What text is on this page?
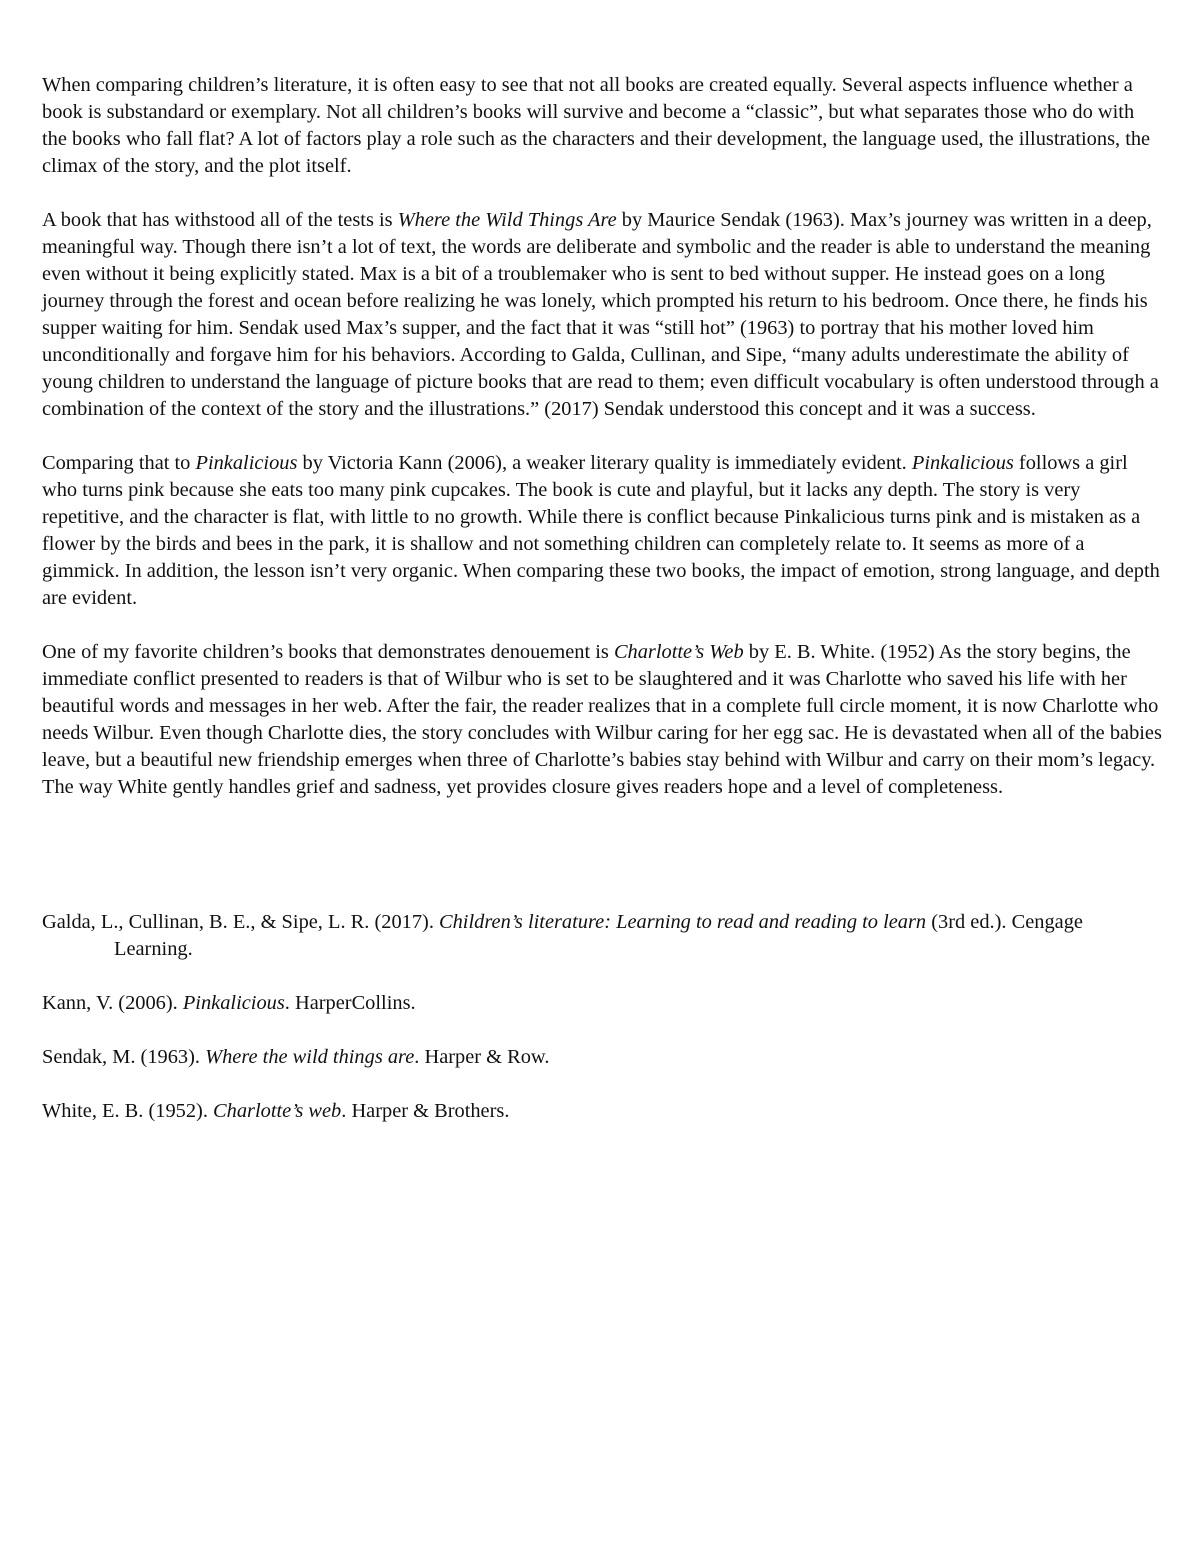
When comparing children’s literature, it is often easy to see that not all books are created equally. Several aspects influence whether a book is substandard or exemplary. Not all children’s books will survive and become a “classic”, but what separates those who do with the books who fall flat? A lot of factors play a role such as the characters and their development, the language used, the illustrations, the climax of the story, and the plot itself.

A book that has withstood all of the tests is Where the Wild Things Are by Maurice Sendak (1963). Max’s journey was written in a deep, meaningful way. Though there isn’t a lot of text, the words are deliberate and symbolic and the reader is able to understand the meaning even without it being explicitly stated. Max is a bit of a troublemaker who is sent to bed without supper. He instead goes on a long journey through the forest and ocean before realizing he was lonely, which prompted his return to his bedroom. Once there, he finds his supper waiting for him. Sendak used Max’s supper, and the fact that it was “still hot” (1963) to portray that his mother loved him unconditionally and forgave him for his behaviors. According to Galda, Cullinan, and Sipe, “many adults underestimate the ability of young children to understand the language of picture books that are read to them; even difficult vocabulary is often understood through a combination of the context of the story and the illustrations.” (2017) Sendak understood this concept and it was a success.

Comparing that to Pinkalicious by Victoria Kann (2006), a weaker literary quality is immediately evident. Pinkalicious follows a girl who turns pink because she eats too many pink cupcakes. The book is cute and playful, but it lacks any depth. The story is very repetitive, and the character is flat, with little to no growth. While there is conflict because Pinkalicious turns pink and is mistaken as a flower by the birds and bees in the park, it is shallow and not something children can completely relate to. It seems as more of a gimmick. In addition, the lesson isn’t very organic. When comparing these two books, the impact of emotion, strong language, and depth are evident.

One of my favorite children’s books that demonstrates denouement is Charlotte’s Web by E. B. White. (1952) As the story begins, the immediate conflict presented to readers is that of Wilbur who is set to be slaughtered and it was Charlotte who saved his life with her beautiful words and messages in her web. After the fair, the reader realizes that in a complete full circle moment, it is now Charlotte who needs Wilbur. Even though Charlotte dies, the story concludes with Wilbur caring for her egg sac. He is devastated when all of the babies leave, but a beautiful new friendship emerges when three of Charlotte’s babies stay behind with Wilbur and carry on their mom’s legacy. The way White gently handles grief and sadness, yet provides closure gives readers hope and a level of completeness.

Galda, L., Cullinan, B. E., & Sipe, L. R. (2017). Children’s literature: Learning to read and reading to learn (3rd ed.). Cengage Learning.

Kann, V. (2006). Pinkalicious. HarperCollins.

Sendak, M. (1963). Where the wild things are. Harper & Row.

White, E. B. (1952). Charlotte’s web. Harper & Brothers.
